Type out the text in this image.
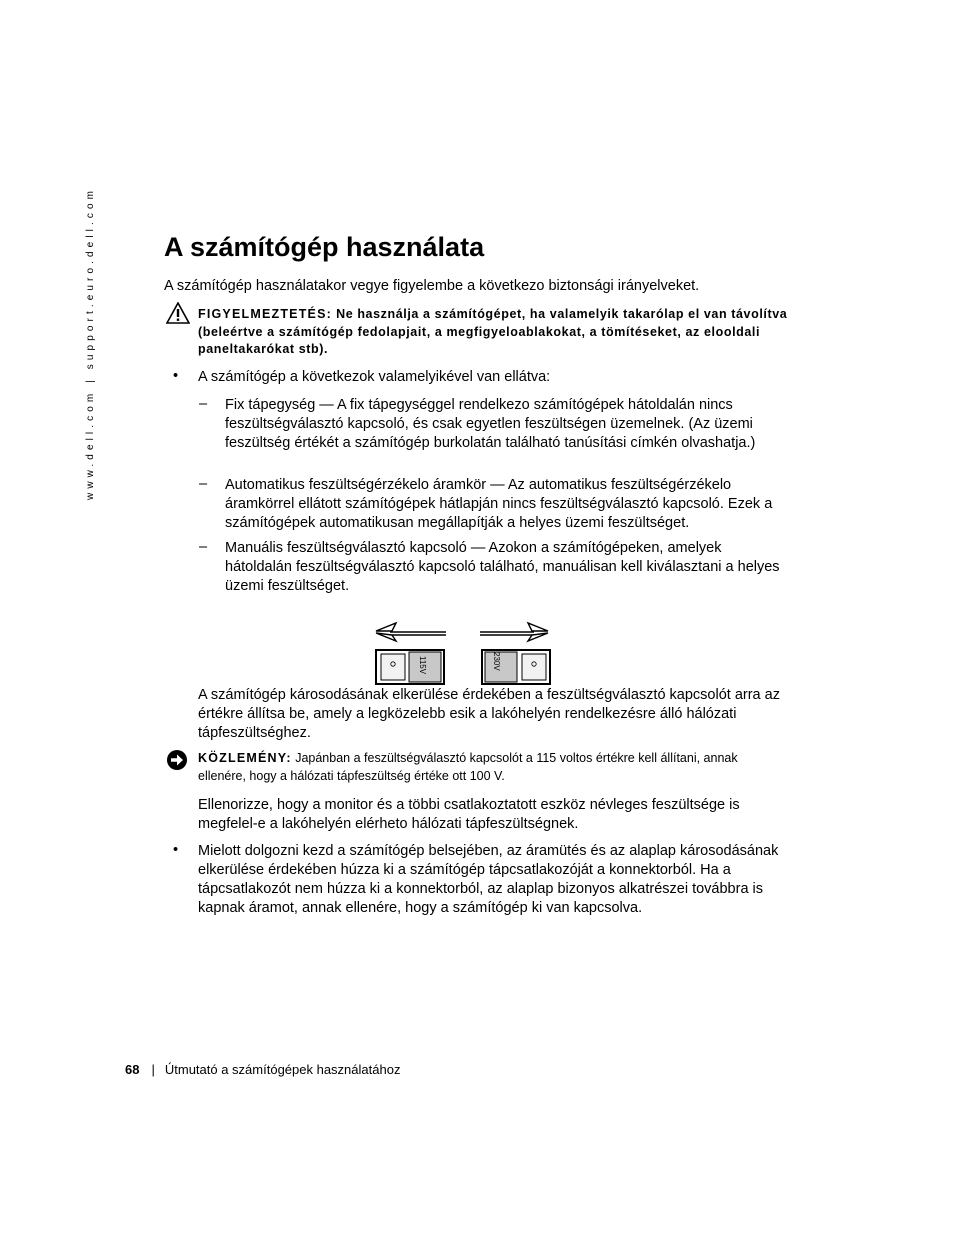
www.dell.com | support.euro.dell.com	A számítógép használata

A számítógép használatakor vegye figyelembe a következo biztonsági irányelveket.

FIGYELMEZTETÉS: Ne használja a számítógépet, ha valamelyik takarólap el van távolítva (beleértve a számítógép fedolapjait, a megfigyeloablakokat, a tömítéseket, az elooldali paneltakarókat stb).

• A számítógép a következok valamelyikével van ellátva:

– Fix tápegység — A fix tápegységgel rendelkezo számítógépek hátoldalán nincs feszültségválasztó kapcsoló, és csak egyetlen feszültségen üzemelnek. (Az üzemi feszültség értékét a számítógép burkolatán található tanúsítási címkén olvashatja.)

– Automatikus feszültségérzékelo áramkör — Az automatikus feszültségérzékelo áramkörrel ellátott számítógépek hátlapján nincs feszültségválasztó kapcsoló. Ezek a számítógépek automatikusan megállapítják a helyes üzemi feszültséget.

– Manuális feszültségválasztó kapcsoló — Azokon a számítógépeken, amelyek hátoldalán feszültségválasztó kapcsoló található, manuálisan kell kiválasztani a helyes üzemi feszültséget.

115V	230V

A számítógép károsodásának elkerülése érdekében a feszültségválasztó kapcsolót arra az értékre állítsa be, amely a legközelebb esik a lakóhelyén rendelkezésre álló hálózati tápfeszültséghez.

KÖZLEMÉNY: Japánban a feszültségválasztó kapcsolót a 115 voltos értékre kell állítani, annak ellenére, hogy a hálózati tápfeszültség értéke ott 100 V.

Ellenorizze, hogy a monitor és a többi csatlakoztatott eszköz névleges feszültsége is megfelel-e a lakóhelyén elérheto hálózati tápfeszültségnek.

• Mielott dolgozni kezd a számítógép belsejében, az áramütés és az alaplap károsodásának elkerülése érdekében húzza ki a számítógép tápcsatlakozóját a konnektorból. Ha a tápcsatlakozót nem húzza ki a konnektorból, az alaplap bizonyos alkatrészei továbbra is kapnak áramot, annak ellenére, hogy a számítógép ki van kapcsolva.

68 | Útmutató a számítógépek használatához
